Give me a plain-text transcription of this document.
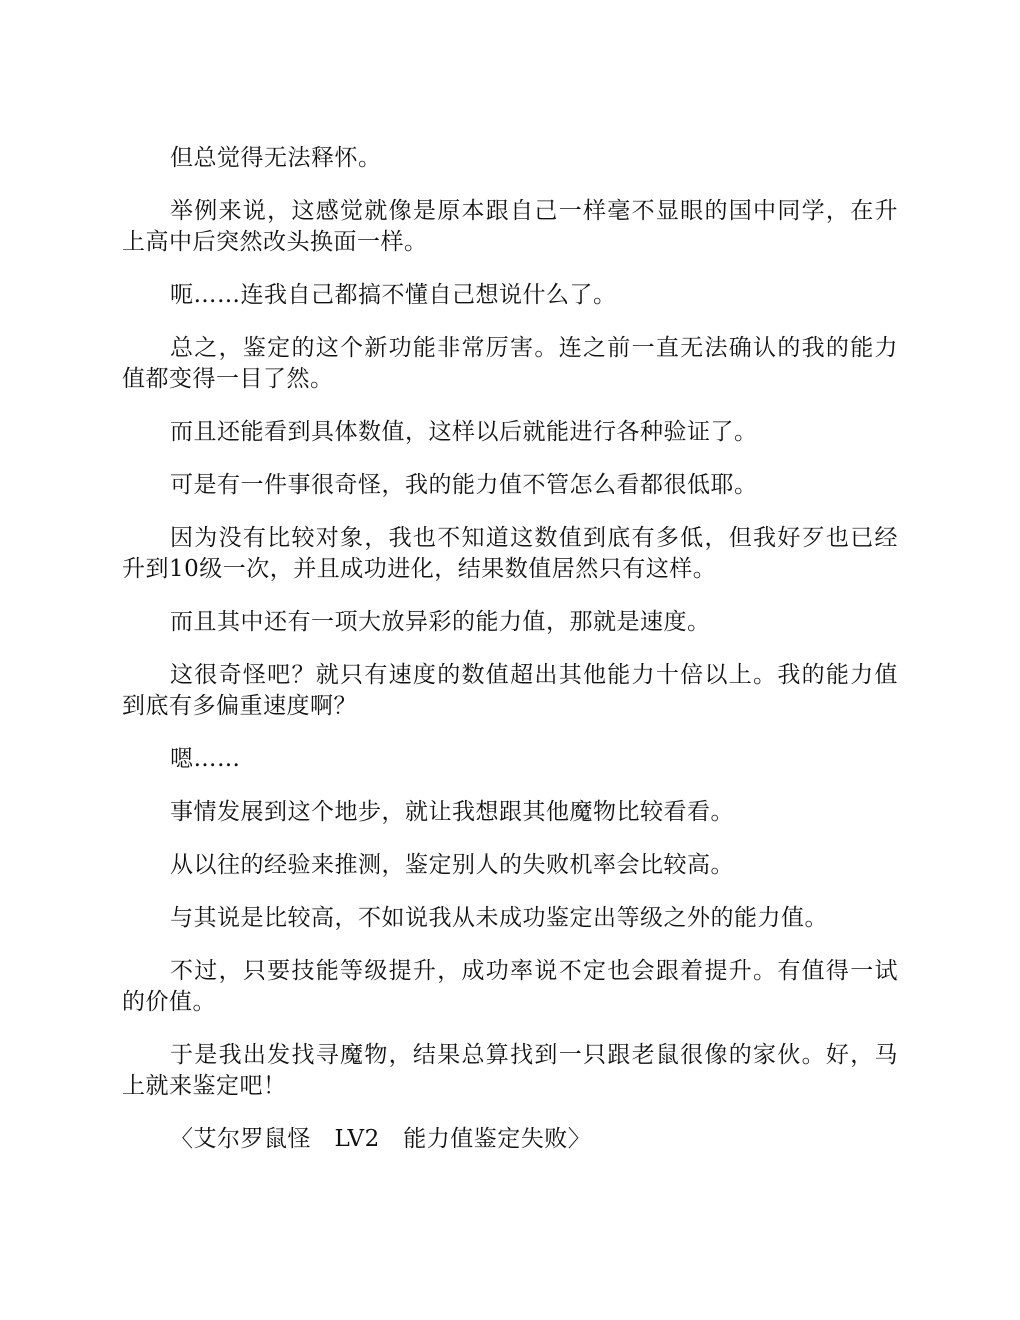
但总觉得无法释怀。

举例来说，这感觉就像是原本跟自己一样毫不显眼的国中同学，在升上高中后突然改头换面一样。

呃……连我自己都搞不懂自己想说什么了。

总之，鉴定的这个新功能非常厉害。连之前一直无法确认的我的能力值都变得一目了然。

而且还能看到具体数值，这样以后就能进行各种验证了。

可是有一件事很奇怪，我的能力值不管怎么看都很低耶。

因为没有比较对象，我也不知道这数值到底有多低，但我好歹也已经升到10级一次，并且成功进化，结果数值居然只有这样。

而且其中还有一项大放异彩的能力值，那就是速度。

这很奇怪吧？就只有速度的数值超出其他能力十倍以上。我的能力值到底有多偏重速度啊？

嗯……

事情发展到这个地步，就让我想跟其他魔物比较看看。

从以往的经验来推测，鉴定别人的失败机率会比较高。

与其说是比较高，不如说我从未成功鉴定出等级之外的能力值。

不过，只要技能等级提升，成功率说不定也会跟着提升。有值得一试的价值。

于是我出发找寻魔物，结果总算找到一只跟老鼠很像的家伙。好，马上就来鉴定吧！

〈艾尔罗鼠怪　LV2　能力值鉴定失败〉
